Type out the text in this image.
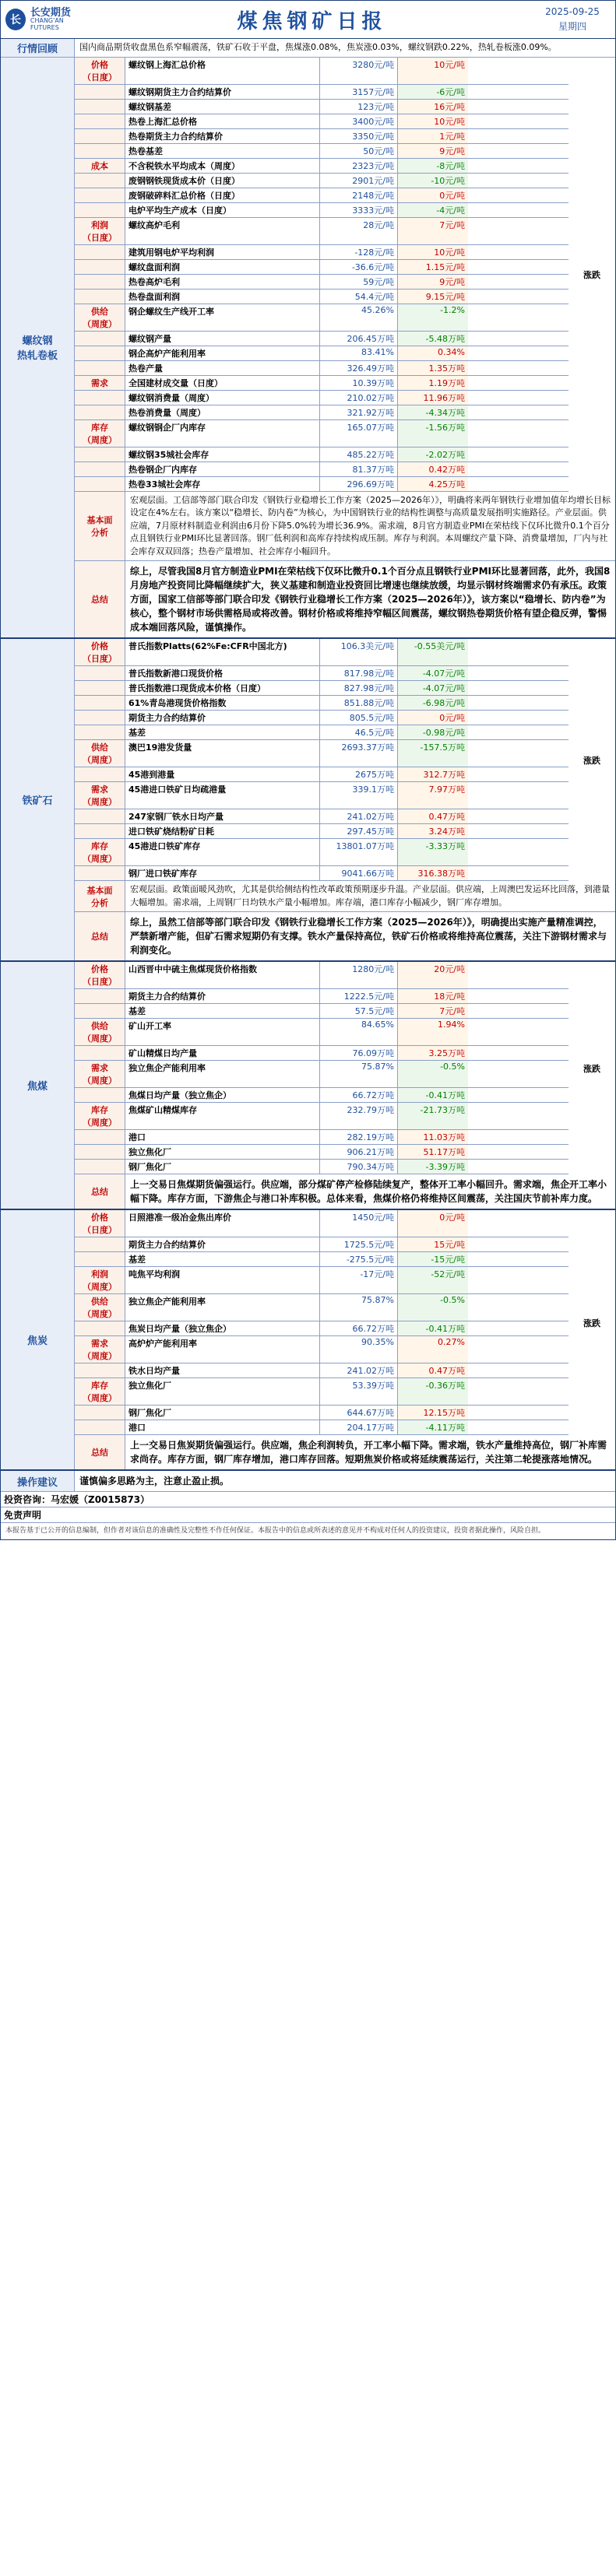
长
长安期货
CHANG'AN FUTURES	煤焦钢矿日报	2025-09-25
星期四
行情回顾	国内商品期货收盘黑色系窄幅震荡，铁矿石收于平盘，焦煤涨0.08%，焦炭涨0.03%，螺纹钢跌0.22%，热轧卷板涨0.09%。
螺纹钢
热轧卷板
价格
（日度）
螺纹钢上海汇总价格	3280元/吨	10元/吨
螺纹钢期货主力合约结算价	3157元/吨	-6元/吨
螺纹钢基差	123元/吨	16元/吨
热卷上海汇总价格	3400元/吨	10元/吨
热卷期货主力合约结算价	3350元/吨	1元/吨
热卷基差	50元/吨	9元/吨
成本	不含税铁水平均成本（周度）	2323元/吨	-8元/吨
废钢钢铁现货成本价（日度）	2901元/吨	-10元/吨
废钢破碎料汇总价格（日度）	2148元/吨	0元/吨
电炉平均生产成本（日度）	3333元/吨	-4元/吨
利润
（日度）
螺纹高炉毛利	28元/吨	7元/吨
建筑用钢电炉平均利润	-128元/吨	10元/吨
螺纹盘面利润	-36.6元/吨	1.15元/吨
热卷高炉毛利	59元/吨	9元/吨
热卷盘面利润	54.4元/吨	9.15元/吨
供给
（周度）
钢企螺纹生产线开工率	45.26%	-1.2%
螺纹钢产量	206.45万吨	-5.48万吨
钢企高炉产能利用率	83.41%	0.34%
热卷产量	326.49万吨	1.35万吨
需求	全国建材成交量（日度）	10.39万吨	1.19万吨
螺纹钢消费量（周度）	210.02万吨	11.96万吨
热卷消费量（周度）	321.92万吨	-4.34万吨
库存
（周度）
螺纹钢钢企厂内库存	165.07万吨	-1.56万吨
螺纹钢35城社会库存	485.22万吨	-2.02万吨
热卷钢企厂内库存	81.37万吨	0.42万吨
热卷33城社会库存	296.69万吨	4.25万吨
涨跌
基本面
分析
宏观层面。工信部等部门联合印发《钢铁行业稳增长工作方案（2025—2026年）》，明确将来两年钢铁行业增加值年均增长目标设定在4%左右。该方案以“稳增长、防内卷”为核心，为中国钢铁行业的结构性调整与高质量发展指明实施路径。产业层面。供应端，7月原材料制造业利润由6月份下降5.0%转为增长36.9%。需求端，8月官方制造业PMI在荣枯线下仅环比微升0.1个百分点且钢铁行业PMI环比显著回落。钢厂低利润和高库存持续构成压制。库存与利润。本周螺纹产量下降、消费量增加，厂内与社会库存双双回落；热卷产量增加、社会库存小幅回升。
总结
综上，尽管我国8月官方制造业PMI在荣枯线下仅环比微升0.1个百分点且钢铁行业PMI环比显著回落，此外，我国8月房地产投资同比降幅继续扩大，狭义基建和制造业投资回比增速也继续放缓，均显示钢材终端需求仍有承压。政策方面，国家工信部等部门联合印发《钢铁行业稳增长工作方案（2025—2026年）》，该方案以“稳增长、防内卷”为核心，整个钢材市场供需格局或将改善。钢材价格或将维持窄幅区间震荡，螺纹钢热卷期货价格有望企稳反弹，警惕成本端回落风险，谨慎操作。
铁矿石
价格
（日度）
普氏指数Platts(62%Fe:CFR中国北方)	106.3美元/吨	-0.55美元/吨
普氏指数新港口现货价格	817.98元/吨	-4.07元/吨
普氏指数港口现货成本价格（日度）	827.98元/吨	-4.07元/吨
61%青岛港现货价格指数	851.88元/吨	-6.98元/吨
期货主力合约结算价	805.5元/吨	0元/吨
基差	46.5元/吨	-0.98元/吨
供给
（周度）
澳巴19港发货量	2693.37万吨	-157.5万吨
45港到港量	2675万吨	312.7万吨
需求
（周度）
45港进口铁矿日均疏港量	339.1万吨	7.97万吨
247家钢厂铁水日均产量	241.02万吨	0.47万吨
进口铁矿烧结粉矿日耗	297.45万吨	3.24万吨
库存
（周度）
45港进口铁矿库存	13801.07万吨	-3.33万吨
钢厂进口铁矿库存	9041.66万吨	316.38万吨
涨跌
基本面
分析
宏观层面。政策面暖风劲吹，尤其是供给侧结构性改革政策预期逐步升温。产业层面。供应端，上周澳巴发运环比回落，到港量大幅增加。需求端，上周钢厂日均铁水产量小幅增加。库存端，港口库存小幅减少，钢厂库存增加。
总结
综上，虽然工信部等部门联合印发《钢铁行业稳增长工作方案（2025—2026年）》，明确提出实施产量精准调控，严禁新增产能，但矿石需求短期仍有支撑。铁水产量保持高位，铁矿石价格或将维持高位震荡，关注下游钢材需求与利润变化。
焦煤
价格
（日度）
山西晋中中硫主焦煤现货价格指数	1280元/吨	20元/吨
期货主力合约结算价	1222.5元/吨	18元/吨
基差	57.5元/吨	7元/吨
供给
（周度）
矿山开工率	84.65%	1.94%
矿山精煤日均产量	76.09万吨	3.25万吨
需求
（周度）
独立焦企产能利用率	75.87%	-0.5%
焦煤日均产量（独立焦企）	66.72万吨	-0.41万吨
库存
（周度）
焦煤矿山精煤库存	232.79万吨	-21.73万吨
港口	282.19万吨	11.03万吨
独立焦化厂	906.21万吨	51.17万吨
钢厂焦化厂	790.34万吨	-3.39万吨
涨跌
总结
上一交易日焦煤期货偏强运行。供应端，部分煤矿停产检修陆续复产，整体开工率小幅回升。需求端，焦企开工率小幅下降。库存方面，下游焦企与港口补库积极。总体来看，焦煤价格仍将维持区间震荡，关注国庆节前补库力度。
焦炭
价格
（日度）
日照港准一级冶金焦出库价	1450元/吨	0元/吨
期货主力合约结算价	1725.5元/吨	15元/吨
基差	-275.5元/吨	-15元/吨
利润
（周度）
吨焦平均利润	-17元/吨	-52元/吨
供给
（周度）
独立焦企产能利用率	75.87%	-0.5%
焦炭日均产量（独立焦企）	66.72万吨	-0.41万吨
需求
（周度）
高炉炉产能利用率	90.35%	0.27%
铁水日均产量	241.02万吨	0.47万吨
库存
（周度）
独立焦化厂	53.39万吨	-0.36万吨
钢厂焦化厂	644.67万吨	12.15万吨
港口	204.17万吨	-4.11万吨
涨跌
总结
上一交易日焦炭期货偏强运行。供应端，焦企利润转负，开工率小幅下降。需求端，铁水产量维持高位，钢厂补库需求尚存。库存方面，钢厂库存增加，港口库存回落。短期焦炭价格或将延续震荡运行，关注第二轮提涨落地情况。
操作建议	谨慎偏多思路为主，注意止盈止损。
投资咨询：马宏媛（Z0015873）
免责声明
本报告基于已公开的信息编制，但作者对该信息的准确性及完整性不作任何保证。本报告中的信息或所表述的意见并不构成对任何人的投资建议，投资者据此操作，风险自担。
